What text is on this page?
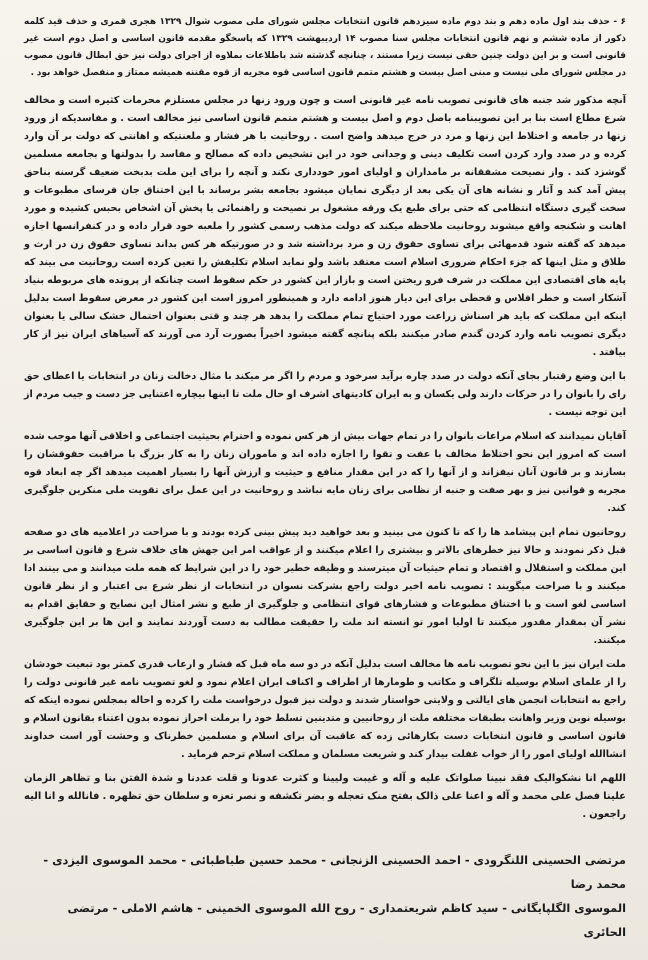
۶ - حذف بند اول ماده دهم و بند دوم ماده سیزدهم قانون انتخابات مجلس شورای ملی مصوب شوال ۱۳۲۹ هجری قمری و حذف قید کلمه ذکور از ماده ششم و نهم قانون انتخابات مجلس سنا مصوب ۱۴ اردیبهشت ۱۳۲۹ که پاسخگو مقدمه قانون اساسی و اصل دوم است غیر قانونی است و بر این دولت چنین حقی نیست زیرا مستند ، چنانچه گذشته شد باطلاعات بملاوه از اجرای دولت نیز حق ابطال قانون مصوب در مجلس شورای ملی نیست و مبنی اصل بیست و هشتم متمم قانون اساسی قوه مجریه از قوه مقننه همیشه ممتاز و منفصل خواهد بود .

آنچه مذکور شد جنبه های قانونی تصویب نامه غیر قانونی است و چون ورود زنها در مجلس مستلزم محرمات کثیره است و مخالف شرع مطاع است بنا بر این تصویبنامه باصل دوم و اصل بیست و هشتم متمم قانون اساسی نیز مخالف است . و مفاسدیکه از ورود زنها در جامعه و اختلاط این زنها و مرد در خرج میدهد واضح است . روحانیت با هر فشار و ملعنتیکه و اهانتی که دولت بر آن وارد کرده و در صدد وارد کردن است تکلیف دینی و وجدانی خود در این تشخیص داده که مصالح و مفاسد را بدولتها و بجامعه مسلمین گوشزد کند . واز نصیحت مشفقانه بر مامداران و اولیای امور خودداری نکند و آنچه را برای این ملت بدبخت ضعیف گرسنه بناحق پیش آمد کند و آثار و نشانه های آن یکی بعد از دیگری نمایان میشود بجامعه بشر برساند با این اختناق جان فرسای مطبوعات و سخت گیری دستگاه انتظامی که حتی برای طبع یک ورقه مشغول بر نصیحت و راهنمائی یا پخش آن اشخاص بحبس کشیده و مورد اهانت و شکنجه واقع میشوند روحانیت ملاحظه میکند که دولت مذهب رسمی کشور را ملعبه خود قرار داده و در کنفرانسها اجازه میدهد که گفته شود قدمهائی برای تساوی حقوق زن و مرد برداشته شد و در صورتیکه هر کس بداند تساوی حقوق زن در ارث و طلاق و مثل اینها که جزء احکام ضروری اسلام است معتقد باشد ولو نماید اسلام تکلیفش را تعین کرده است روحانیت می بیند که پایه های اقتصادی این مملکت در شرف فرو ریختن است و بازار این کشور در حکم سقوط است چنانکه از پرونده های مربوطه بنیاد آشکار است و خطر افلاس و قحطی برای این دیار هنوز ادامه دارد و همینطور امروز است این کشور در معرض سقوط است بدلیل اینکه این مملکت که باید هر اسناش زراعت مورد احتیاج تمام مملکت را بدهد هر چند و قتی بعنوان احتمال خشک سالی یا بعنوان دیگری تصویب نامه وارد کردن گندم صادر میکنند بلکه پنانچه گفته میشود اخیراً بصورت آرد می آورند که آسیاهای ایران نیز از کار بیافتد .

با این وضع رقتبار بجای آنکه دولت در صدد چاره برآید سرخود و مردم را اگر مر میکند با مثال دخالت زنان در انتخابات یا اعطای حق رای را بانوان را در حرکات دارند ولی یکسان و به ایران کادیتهای اشرف او حال ملت تا اینها بیچاره اعتنایی جز دست و جیب مردم از این توجه نیست .

آقایان نمیدانند که اسلام مراعات بانوان را در تمام جهات بیش از هر کس نموده و احترام بحیثیت اجتماعی و اخلاقی آنها موجب شده است که امروز این نحو اختلاط مخالف با عفت و تقوا را اجازه داده اند و ماموران زنان را به کار بزرگ با مراقبت حقوقشان را بسازند و بر قانون آنان نیفزاند و از آنها را که در این مقدار منافع و حیثیت و ارزش آنها را بسیار اهمیت میدهد اگر چه ابعاد قوه مجریه و قوانین نیز و بهر صفت و جنبه از نظامی برای زنان مایه نباشد و روحانیت در این عمل برای تقویت ملی منکرین جلوگیری کند.

روحانیون تمام این پیشامد ها را که تا کنون می بینید و بعد خواهید دید پیش بینی کرده بودند و با صراحت در اعلامیه های دو صفحه قبل ذکر نمودند و حالا نیز خطرهای بالاتر و بیشتری را اعلام میکنند و از عواقب امر این جهش های خلاف شرع و قانون اساسی بر این مملکت و استقلال و اقتصاد و تمام حیثیات آن میترسند و وظیفه خطیر خود را در این شرایط که همه ملت میدانند و می بینند ادا میکنند و با صراحت میگویند : تصویب نامه اخیر دولت راجع بشرکت نسوان در انتخابات از نظر شرع بی اعتبار و از نظر قانون اساسی لغو است و با اختناق مطبوعات و فشارهای قوای انتظامی و جلوگیری از طبع و نشر امثال این نصایح و حقایق اقدام به نشر آن بمقدار مقدور میکنند تا اولیا امور تو انسته اند ملت را حقیقت مطالب به دست آوردند نمایند و این ها بر این جلوگیری میکنند.

ملت ایران نیز با این نحو تصویب نامه ها مخالف است بدلیل آنکه در دو سه ماه قبل که فشار و ارعاب قدری کمتر بود تبعیت خودشان را از علمای اسلام بوسیله تلگراف و مکاتب و طومارها از اطراف و اکناف ایران اعلام نمود و لغو تصویب نامه غیر قانونی دولت را راجع به انتخابات انجمن های ایالتی و ولایتی خواستار شدند و دولت نیز قبول درخواست ملت را کرده و احاله بمجلس نموده اینکه که بوسیله نوین وزیر واهانت بطبقات مختلفه ملت از روحانیین و متدینین تسلط خود را برملت احراز نموده بدون اعتناء بقانون اسلام و قانون اساسی و قانون انتخابات دست بکارهائی زده که عاقبت آن برای اسلام و مسلمین خطرناک و وحشت آور است خداوند انشاالله اولیای امور را از خواب غفلت بیدار کند و شریعت مسلمان و مملکت اسلام ترحم فرماید .

اللهم انا نشکوالیک فقد نبینا صلواتک علیه و آله و غیبت ولیینا و کثرت عدونا و قلت عددنا و شدة الفتن بنا و تظاهر الزمان علینا فصل علی محمد و آله و اعنا علی ذالک بفتح منک تعجله و بضر تکشفه و نصر تعزه و سلطان حق تظهره . فانالله و انا الیه راجعون .

مرتضی الحسینی اللنگرودی - احمد الحسینی الزنجانی - محمد حسین طباطبائی - محمد الموسوی الیزدی - محمد رضا
الموسوی الگلپایگانی - سید کاظم شریعتمداری - روح الله الموسوی الخمینی - هاشم الاملی - مرتضی الحائری
